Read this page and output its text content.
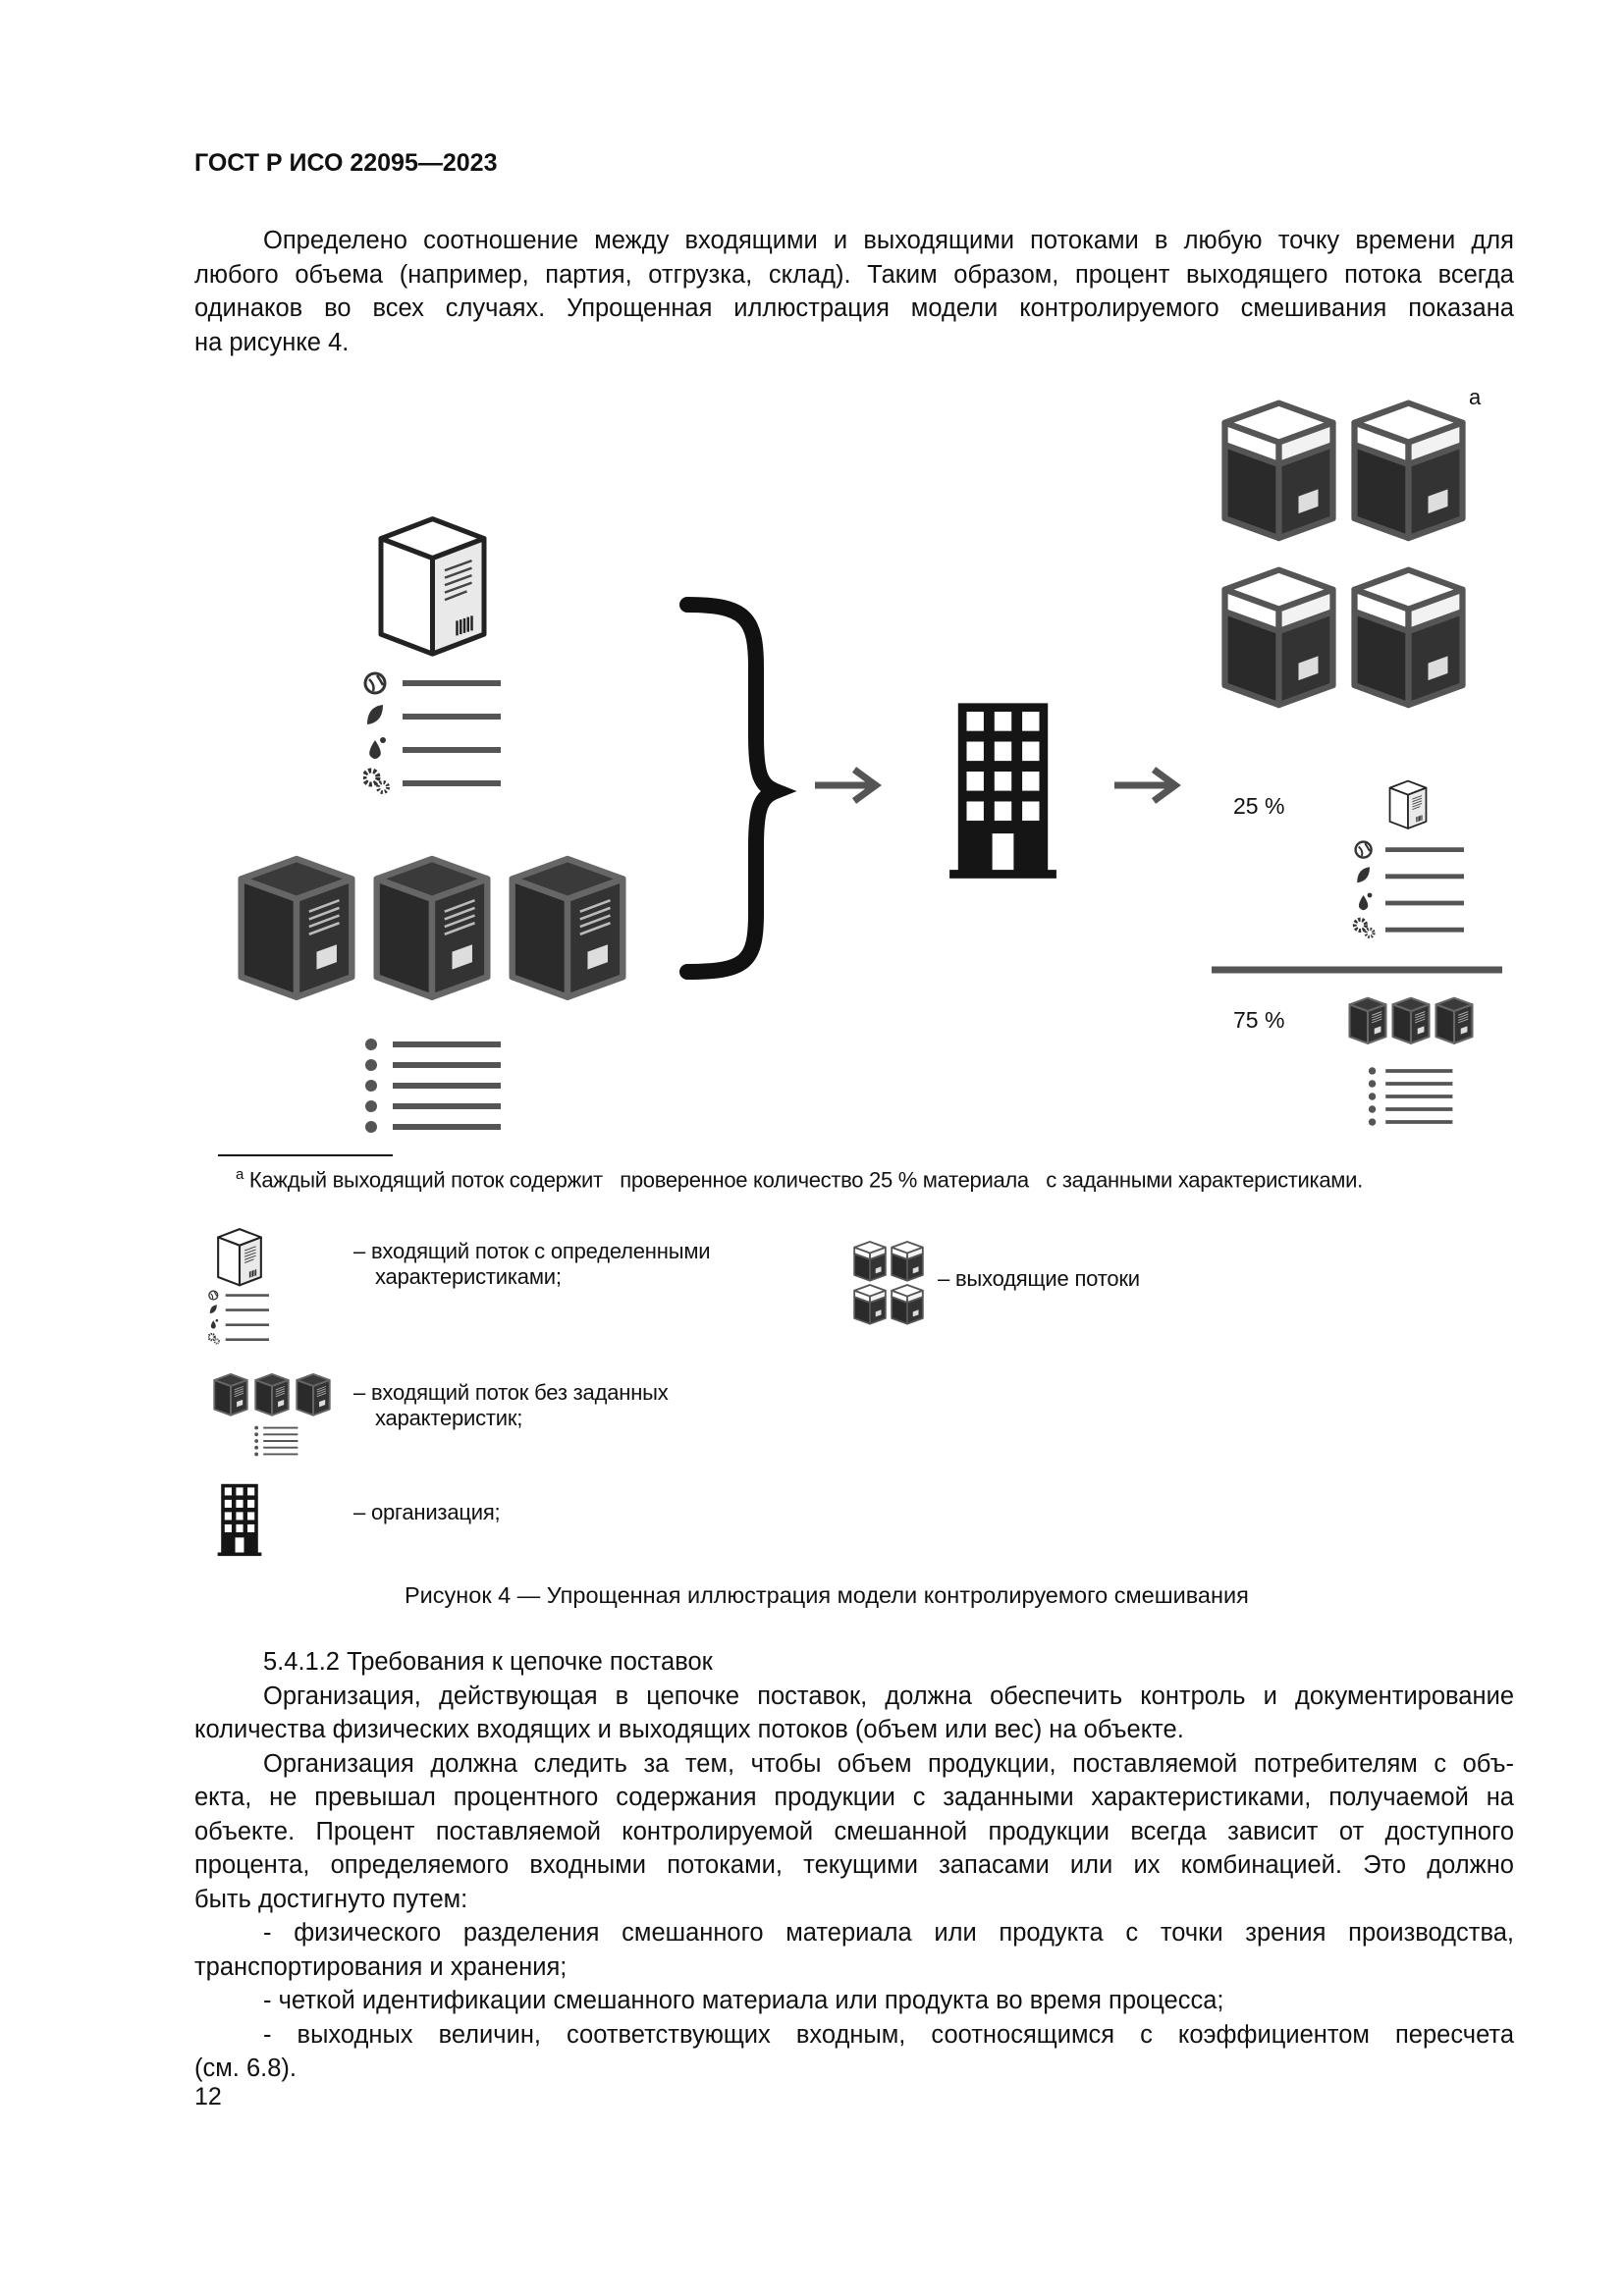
ГОСТ Р ИСО 22095—2023
Определено соотношение между входящими и выходящими потоками в любую точку времени для
любого объема (например, партия, отгрузка, склад). Таким образом, процент выходящего потока всегда
одинаков во всех случаях. Упрощенная иллюстрация модели контролируемого смешивания показана
на рисунке 4.
a
25 %
75 %
$^a$ Каждый выходящий поток содержит   проверенное количество 25 % материала   с заданными характеристиками.
– входящий поток с определенными
характеристиками;	– выходящие потоки
– входящий поток без заданных
характеристик;
– организация;
Рисунок 4 — Упрощенная иллюстрация модели контролируемого смешивания
5.4.1.2 Требования к цепочке поставок
Организация, действующая в цепочке поставок, должна обеспечить контроль и документирование
количества физических входящих и выходящих потоков (объем или вес) на объекте.
Организация должна следить за тем, чтобы объем продукции, поставляемой потребителям с объ-
екта, не превышал процентного содержания продукции с заданными характеристиками, получаемой на
объекте. Процент поставляемой контролируемой смешанной продукции всегда зависит от доступного
процента, определяемого входными потоками, текущими запасами или их комбинацией. Это должно
быть достигнуто путем:
- физического разделения смешанного материала или продукта с точки зрения производства,
транспортирования и хранения;
- четкой идентификации смешанного материала или продукта во время процесса;
- выходных величин, соответствующих входным, соотносящимся с коэффициентом пересчета
(см. 6.8).
12
